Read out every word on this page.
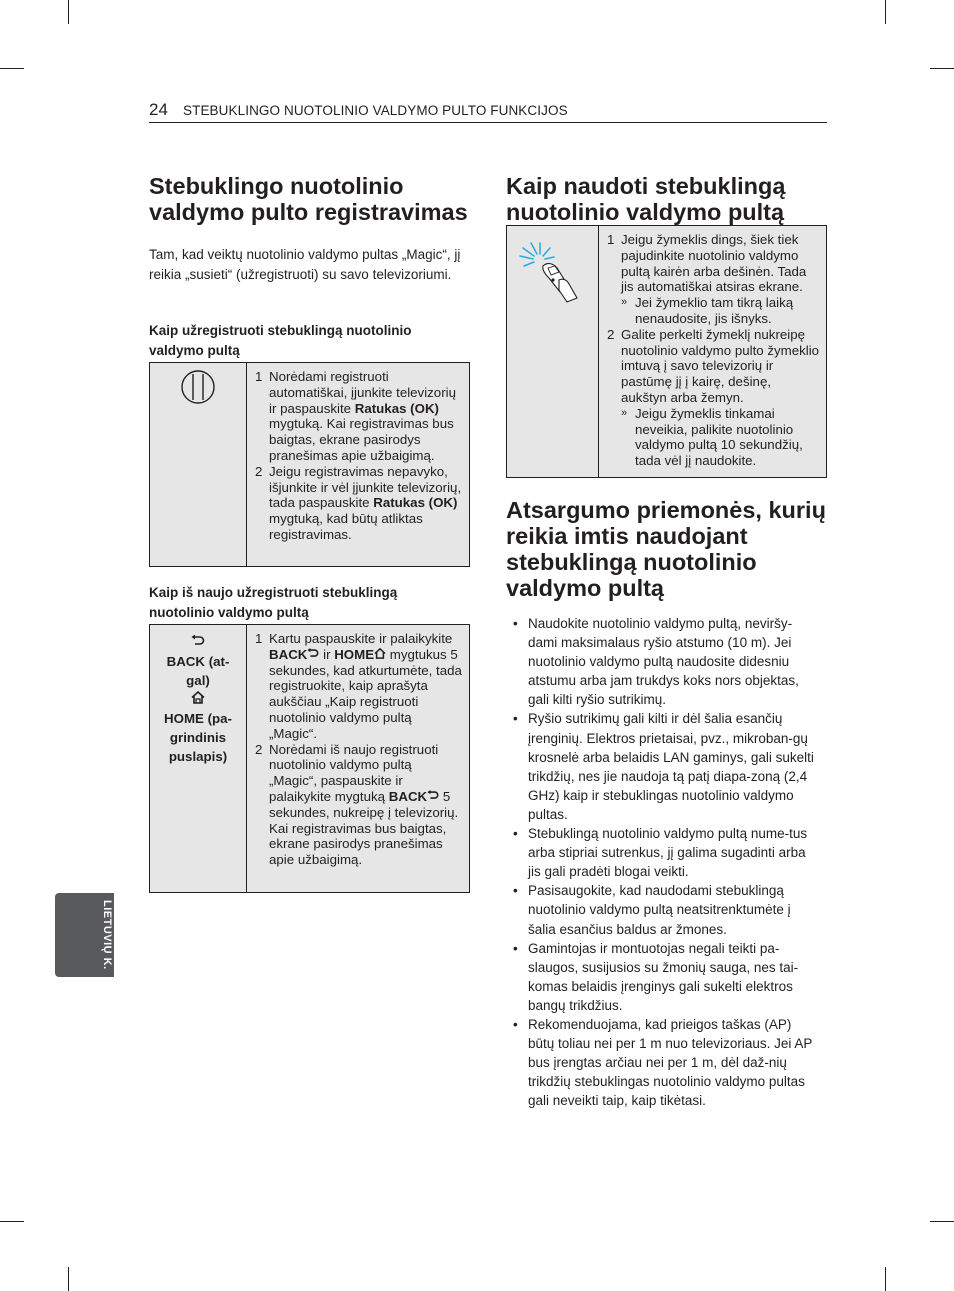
24 STEBUKLINGO NUOTOLINIO VALDYMO PULTO FUNKCIJOS
Stebuklingo nuotolinio valdymo pulto registravimas
Tam, kad veiktų nuotolinio valdymo pultas „Magic“, jį reikia „susieti“ (užregistruoti) su savo televizoriumi.
Kaip užregistruoti stebuklingą nuotolinio valdymo pultą
1 Norėdami registruoti automatiškai, įjunkite televizorių ir paspauskite Ratukas (OK) mygtuką. Kai registravimas bus baigtas, ekrane pasirodys pranešimas apie užbaigimą.
2 Jeigu registravimas nepavyko, išjunkite ir vėl įjunkite televizorių, tada paspauskite Ratukas (OK) mygtuką, kad būtų atliktas registravimas.
Kaip iš naujo užregistruoti stebuklingą nuotolinio valdymo pultą
BACK (at-
gal)
HOME (pa-
grindinis
puslapis)
1 Kartu paspauskite ir palaikykite BACK ir HOME mygtukus 5 sekundes, kad atkurtumėte, tada registruokite, kaip aprašyta aukščiau „Kaip registruoti nuotolinio valdymo pultą „Magic“.
2 Norėdami iš naujo registruoti nuotolinio valdymo pultą „Magic“, paspauskite ir palaikykite mygtuką BACK 5 sekundes, nukreipę į televizorių. Kai registravimas bus baigtas, ekrane pasirodys pranešimas apie užbaigimą.
Kaip naudoti stebuklingą nuotolinio valdymo pultą
1 Jeigu žymeklis dings, šiek tiek pajudinkite nuotolinio valdymo pultą kairėn arba dešinėn. Tada jis automatiškai atsiras ekrane.
» Jei žymeklio tam tikrą laiką nenaudosite, jis išnyks.
2 Galite perkelti žymeklį nukreipę nuotolinio valdymo pulto žymeklio imtuvą į savo televizorių ir pastūmę jį į kairę, dešinę, aukštyn arba žemyn.
» Jeigu žymeklis tinkamai neveikia, palikite nuotolinio valdymo pultą 10 sekundžių, tada vėl jį naudokite.
Atsargumo priemonės, kurių reikia imtis naudojant stebuklingą nuotolinio valdymo pultą
• Naudokite nuotolinio valdymo pultą, neviršy-dami maksimalaus ryšio atstumo (10 m). Jei nuotolinio valdymo pultą naudosite didesniu atstumu arba jam trukdys koks nors objektas, gali kilti ryšio sutrikimų.
• Ryšio sutrikimų gali kilti ir dėl šalia esančių įrenginių. Elektros prietaisai, pvz., mikroban-gų krosnelė arba belaidis LAN gaminys, gali sukelti trikdžių, nes jie naudoja tą patį diapa-zoną (2,4 GHz) kaip ir stebuklingas nuotolinio valdymo pultas.
• Stebuklingą nuotolinio valdymo pultą nume-tus arba stipriai sutrenkus, jį galima sugadinti arba jis gali pradėti blogai veikti.
• Pasisaugokite, kad naudodami stebuklingą nuotolinio valdymo pultą neatsitrenktumėte į šalia esančius baldus ar žmones.
• Gamintojas ir montuotojas negali teikti pa-slaugos, susijusios su žmonių sauga, nes tai-komas belaidis įrenginys gali sukelti elektros bangų trikdžius.
• Rekomenduojama, kad prieigos taškas (AP) būtų toliau nei per 1 m nuo televizoriaus. Jei AP bus įrengtas arčiau nei per 1 m, dėl daž-nių trikdžių stebuklingas nuotolinio valdymo pultas gali neveikti taip, kaip tikėtasi.
LIETUVIŲ K.
